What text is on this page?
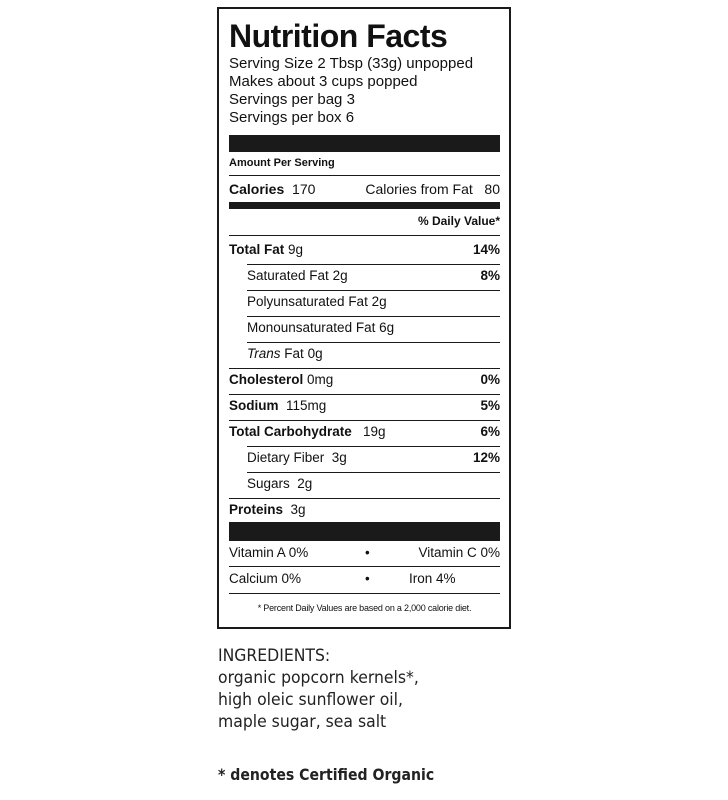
Nutrition Facts
Serving Size 2 Tbsp (33g) unpopped
Makes about 3 cups popped
Servings per bag 3
Servings per box 6
Amount Per Serving
Calories 170	Calories from Fat 80
% Daily Value*
Total Fat 9g	14%
Saturated Fat 2g	8%
Polyunsaturated Fat 2g
Monounsaturated Fat 6g
Trans Fat 0g
Cholesterol 0mg	0%
Sodium 115mg	5%
Total Carbohydrate 19g	6%
Dietary Fiber 3g	12%
Sugars 2g
Proteins 3g
Vitamin A 0%	•	Vitamin C 0%
Calcium 0%	•	Iron 4%
* Percent Daily Values are based on a 2,000 calorie diet.
INGREDIENTS:
organic popcorn kernels*,
high oleic sunflower oil,
maple sugar, sea salt
* denotes Certified Organic
